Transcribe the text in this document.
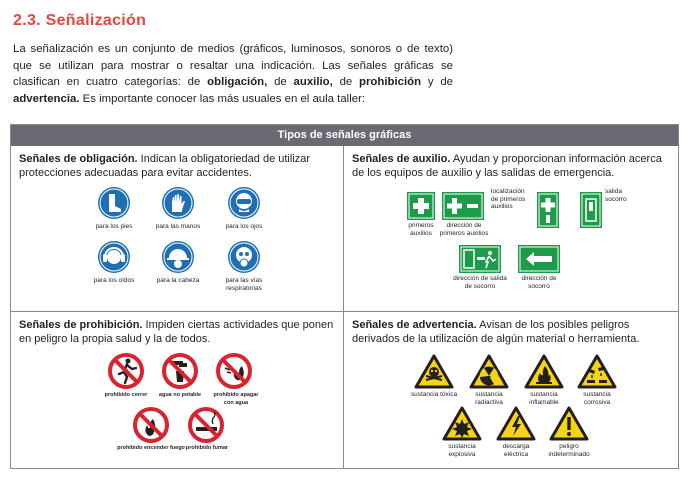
2.3. Señalización
La señalización es un conjunto de medios (gráficos, luminosos, sonoros o de texto) que se utilizan para mostrar o resaltar una indicación. Las señales gráficas se clasifican en cuatro categorías: de obligación, de auxilio, de prohibición y de advertencia. Es importante conocer las más usuales en el aula taller:
Tipos de señales gráficas
Señales de obligación. Indican la obligatoriedad de utilizar protecciones adecuadas para evitar accidentes.
para los pies	para las manos	para los ojos
para los oídos	para la cabeza	para las vías respiratorias
Señales de auxilio. Ayudan y proporcionan información acerca de los equipos de auxilio y las salidas de emergencia.
primeros auxilios
dirección de primeros auxilios
localización de primeros auxilios
salida socorro
dirección de salida de socorro
dirección de socorro
Señales de prohibición. Impiden ciertas actividades que ponen en peligro la propia salud y la de todos.
prohibido correr	agua no potable	prohibido apagar con agua
prohibido encender fuego prohibido fumar
Señales de advertencia. Avisan de los posibles peligros derivados de la utilización de algún material o herramienta.
sustancia tóxica	sustancia radiactiva
sustancia inflamable
sustancia corrosiva
sustancia explosiva
descarga eléctrica
peligro indeterminado
